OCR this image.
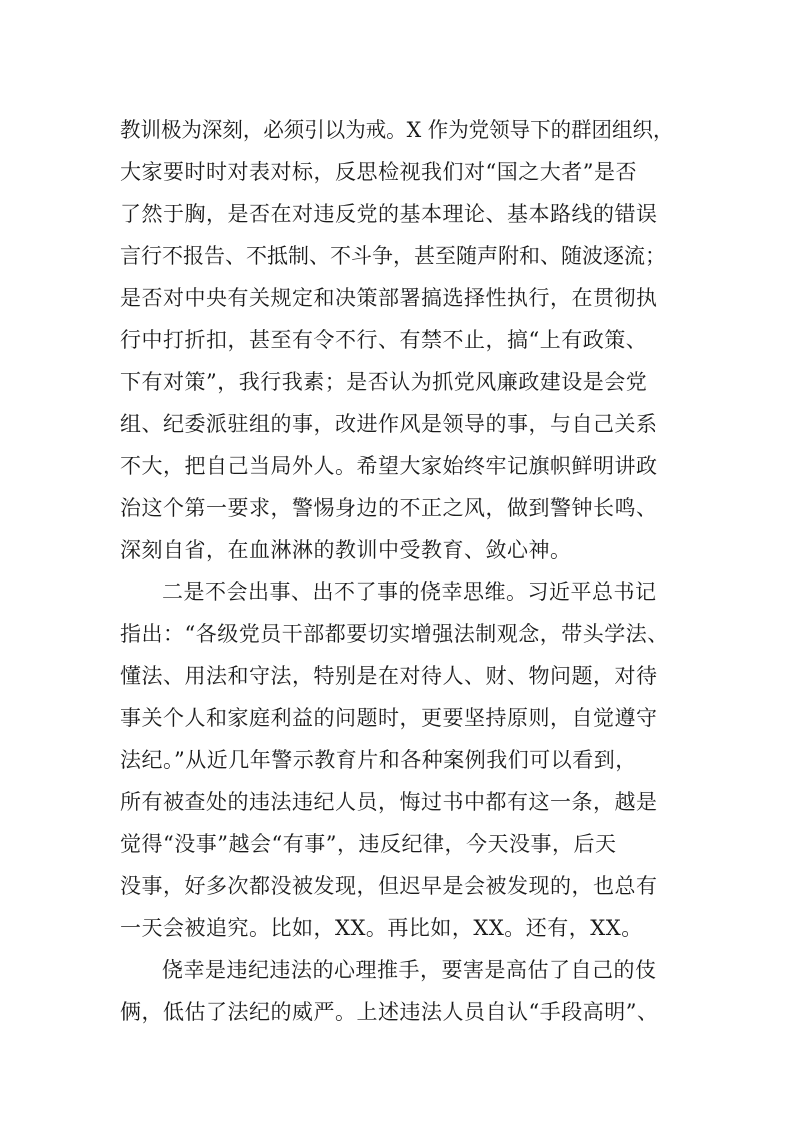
教训极为深刻，必须引以为戒。X 作为党领导下的群团组织，
大家要时时对表对标，反思检视我们对“国之大者”是否
了然于胸，是否在对违反党的基本理论、基本路线的错误
言行不报告、不抵制、不斗争，甚至随声附和、随波逐流；
是否对中央有关规定和决策部署搞选择性执行，在贯彻执
行中打折扣，甚至有令不行、有禁不止，搞“上有政策、
下有对策”，我行我素；是否认为抓党风廉政建设是会党
组、纪委派驻组的事，改进作风是领导的事，与自己关系
不大，把自己当局外人。希望大家始终牢记旗帜鲜明讲政
治这个第一要求，警惕身边的不正之风，做到警钟长鸣、
深刻自省，在血淋淋的教训中受教育、敛心神。
二是不会出事、出不了事的侥幸思维。习近平总书记
指出：“各级党员干部都要切实增强法制观念，带头学法、
懂法、用法和守法，特别是在对待人、财、物问题，对待
事关个人和家庭利益的问题时，更要坚持原则，自觉遵守
法纪。”从近几年警示教育片和各种案例我们可以看到，
所有被查处的违法违纪人员，悔过书中都有这一条，越是
觉得“没事”越会“有事”，违反纪律，今天没事，后天
没事，好多次都没被发现，但迟早是会被发现的，也总有
一天会被追究。比如，XX。再比如，XX。还有，XX。
侥幸是违纪违法的心理推手，要害是高估了自己的伎
俩，低估了法纪的威严。上述违法人员自认“手段高明”、
